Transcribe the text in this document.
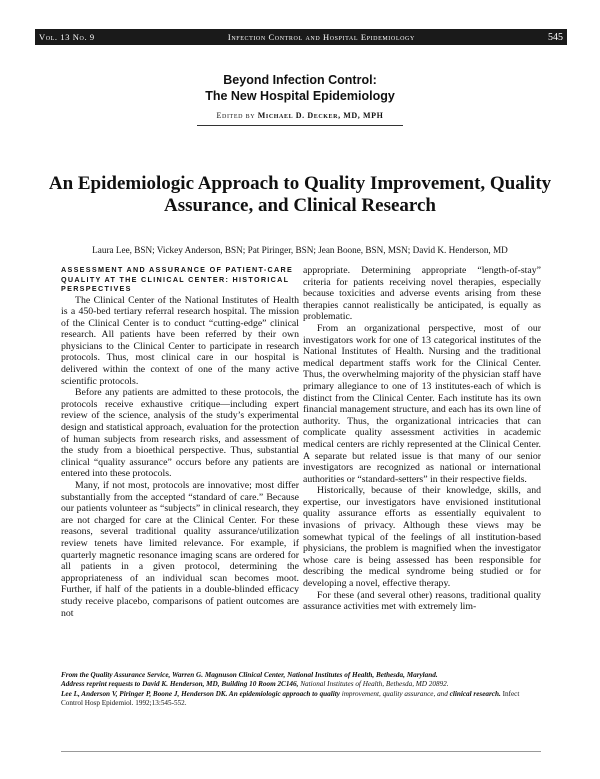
Vol. 13 No. 9	Infection Control and Hospital Epidemiology	545
Beyond Infection Control:
The New Hospital Epidemiology
Edited by Michael D. Decker, MD, MPH
An Epidemiologic Approach to Quality Improvement, Quality Assurance, and Clinical Research
Laura Lee, BSN; Vickey Anderson, BSN; Pat Piringer, BSN; Jean Boone, BSN, MSN; David K. Henderson, MD
ASSESSMENT AND ASSURANCE OF PATIENT-CARE QUALITY AT THE CLINICAL CENTER: HISTORICAL PERSPECTIVES

The Clinical Center of the National Institutes of Health is a 450-bed tertiary referral research hospital. The mission of the Clinical Center is to conduct “cutting-edge” clinical research. All patients have been referred by their own physicians to the Clinical Center to participate in research protocols. Thus, most clinical care in our hospital is delivered within the context of one of the many active scientific protocols.

Before any patients are admitted to these protocols, the protocols receive exhaustive critique—including expert review of the science, analysis of the study’s experimental design and statistical approach, evaluation for the protection of human subjects from research risks, and assessment of the study from a bioethical perspective. Thus, substantial clinical “quality assurance” occurs before any patients are entered into these protocols.

Many, if not most, protocols are innovative; most differ substantially from the accepted “standard of care.” Because our patients volunteer as “subjects” in clinical research, they are not charged for care at the Clinical Center. For these reasons, several traditional quality assurance/utilization review tenets have limited relevance. For example, if quarterly magnetic resonance imaging scans are ordered for all patients in a given protocol, determining the appropriateness of an individual scan becomes moot. Further, if half of the patients in a double-blinded efficacy study receive placebo, comparisons of patient outcomes are not

appropriate. Determining appropriate “length-of-stay” criteria for patients receiving novel therapies, especially because toxicities and adverse events arising from these therapies cannot realistically be anticipated, is equally as problematic.

From an organizational perspective, most of our investigators work for one of 13 categorical institutes of the National Institutes of Health. Nursing and the traditional medical department staffs work for the Clinical Center. Thus, the overwhelming majority of the physician staff have primary allegiance to one of 13 institutes-each of which is distinct from the Clinical Center. Each institute has its own financial management structure, and each has its own line of authority. Thus, the organizational intricacies that can complicate quality assessment activities in academic medical centers are richly represented at the Clinical Center. A separate but related issue is that many of our senior investigators are recognized as national or international authorities or “standard-setters” in their respective fields.

Historically, because of their knowledge, skills, and expertise, our investigators have envisioned institutional quality assurance efforts as essentially equivalent to invasions of privacy. Although these views may be somewhat typical of the feelings of all institution-based physicians, the problem is magnified when the investigator whose care is being assessed has been responsible for describing the medical syndrome being studied or for developing a novel, effective therapy.

For these (and several other) reasons, traditional quality assurance activities met with extremely lim-

From the Quality Assurance Service, Warren G. Magnuson Clinical Center, National Institutes of Health, Bethesda, Maryland.
Address reprint requests to David K. Henderson, MD, Building 10 Room 2C146, National Institutes of Health, Bethesda, MD 20892.
Lee L, Anderson V, Piringer P, Boone J, Henderson DK. An epidemiologic approach to quality improvement, quality assurance, and clinical research. Infect Control Hosp Epidemiol. 1992;13:545-552.
